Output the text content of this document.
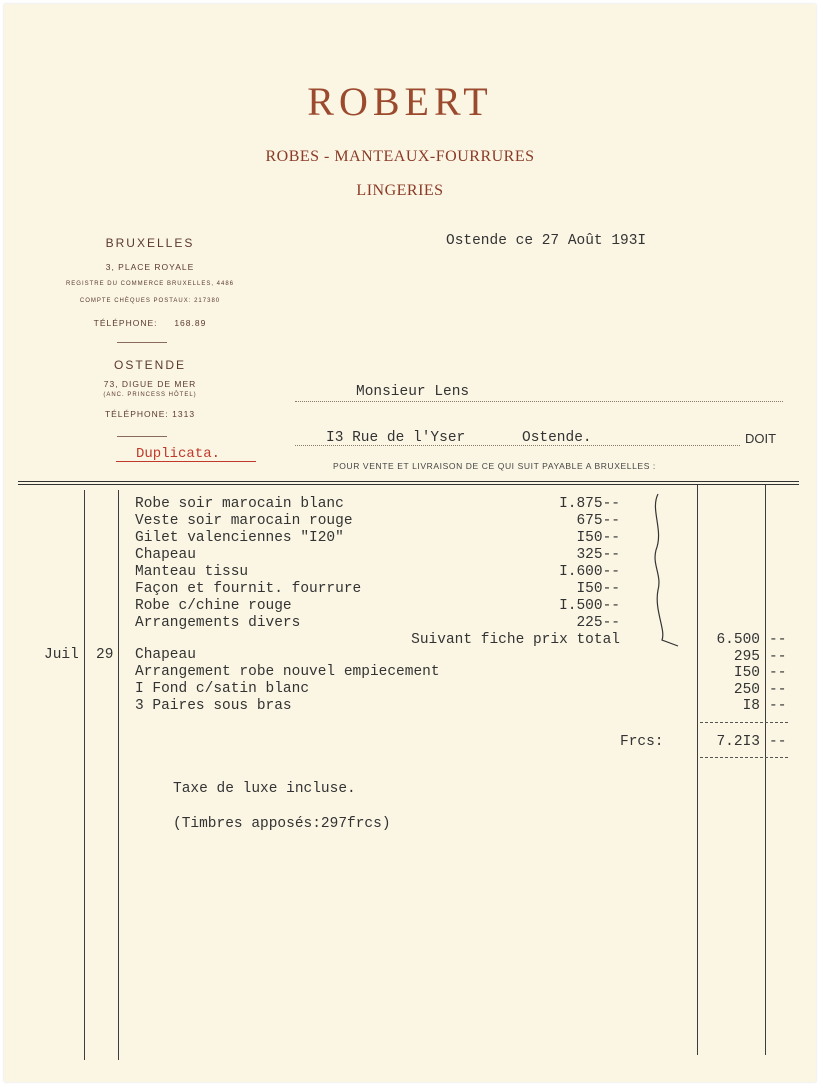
ROBERT
ROBES - MANTEAUX-FOURRURES
LINGERIES
BRUXELLES
3, PLACE ROYALE
REGISTRE DU COMMERCE BRUXELLES, 4486
COMPTE CHÈQUES POSTAUX: 217380
TÉLÉPHONE:     168.89
OSTENDE
73, DIGUE DE MER
(ANC. PRINCESS HÔTEL)
TÉLÉPHONE: 1313
Duplicata.
Ostende ce 27 Août 193I
Monsieur Lens
I3 Rue de l'Yser	Ostende.	DOIT
POUR VENTE ET LIVRAISON DE CE QUI SUIT PAYABLE A BRUXELLES :
Robe soir marocain blanc	I.875--
Veste soir marocain rouge	675--
Gilet valenciennes "I20"	I50--
Chapeau	325--
Manteau tissu	I.600--
Façon et fournit. fourrure	I50--
Robe c/chine rouge	I.500--
Arrangements divers	225--
Suivant fiche prix total	6.500 --
Juil 29 Chapeau	295 --
Arrangement robe nouvel empiecement	I50 --
I Fond c/satin blanc	250 --
3 Paires sous bras	I8 --
Frcs:	7.2I3 --
Taxe de luxe incluse.
(Timbres apposés:297frcs)
